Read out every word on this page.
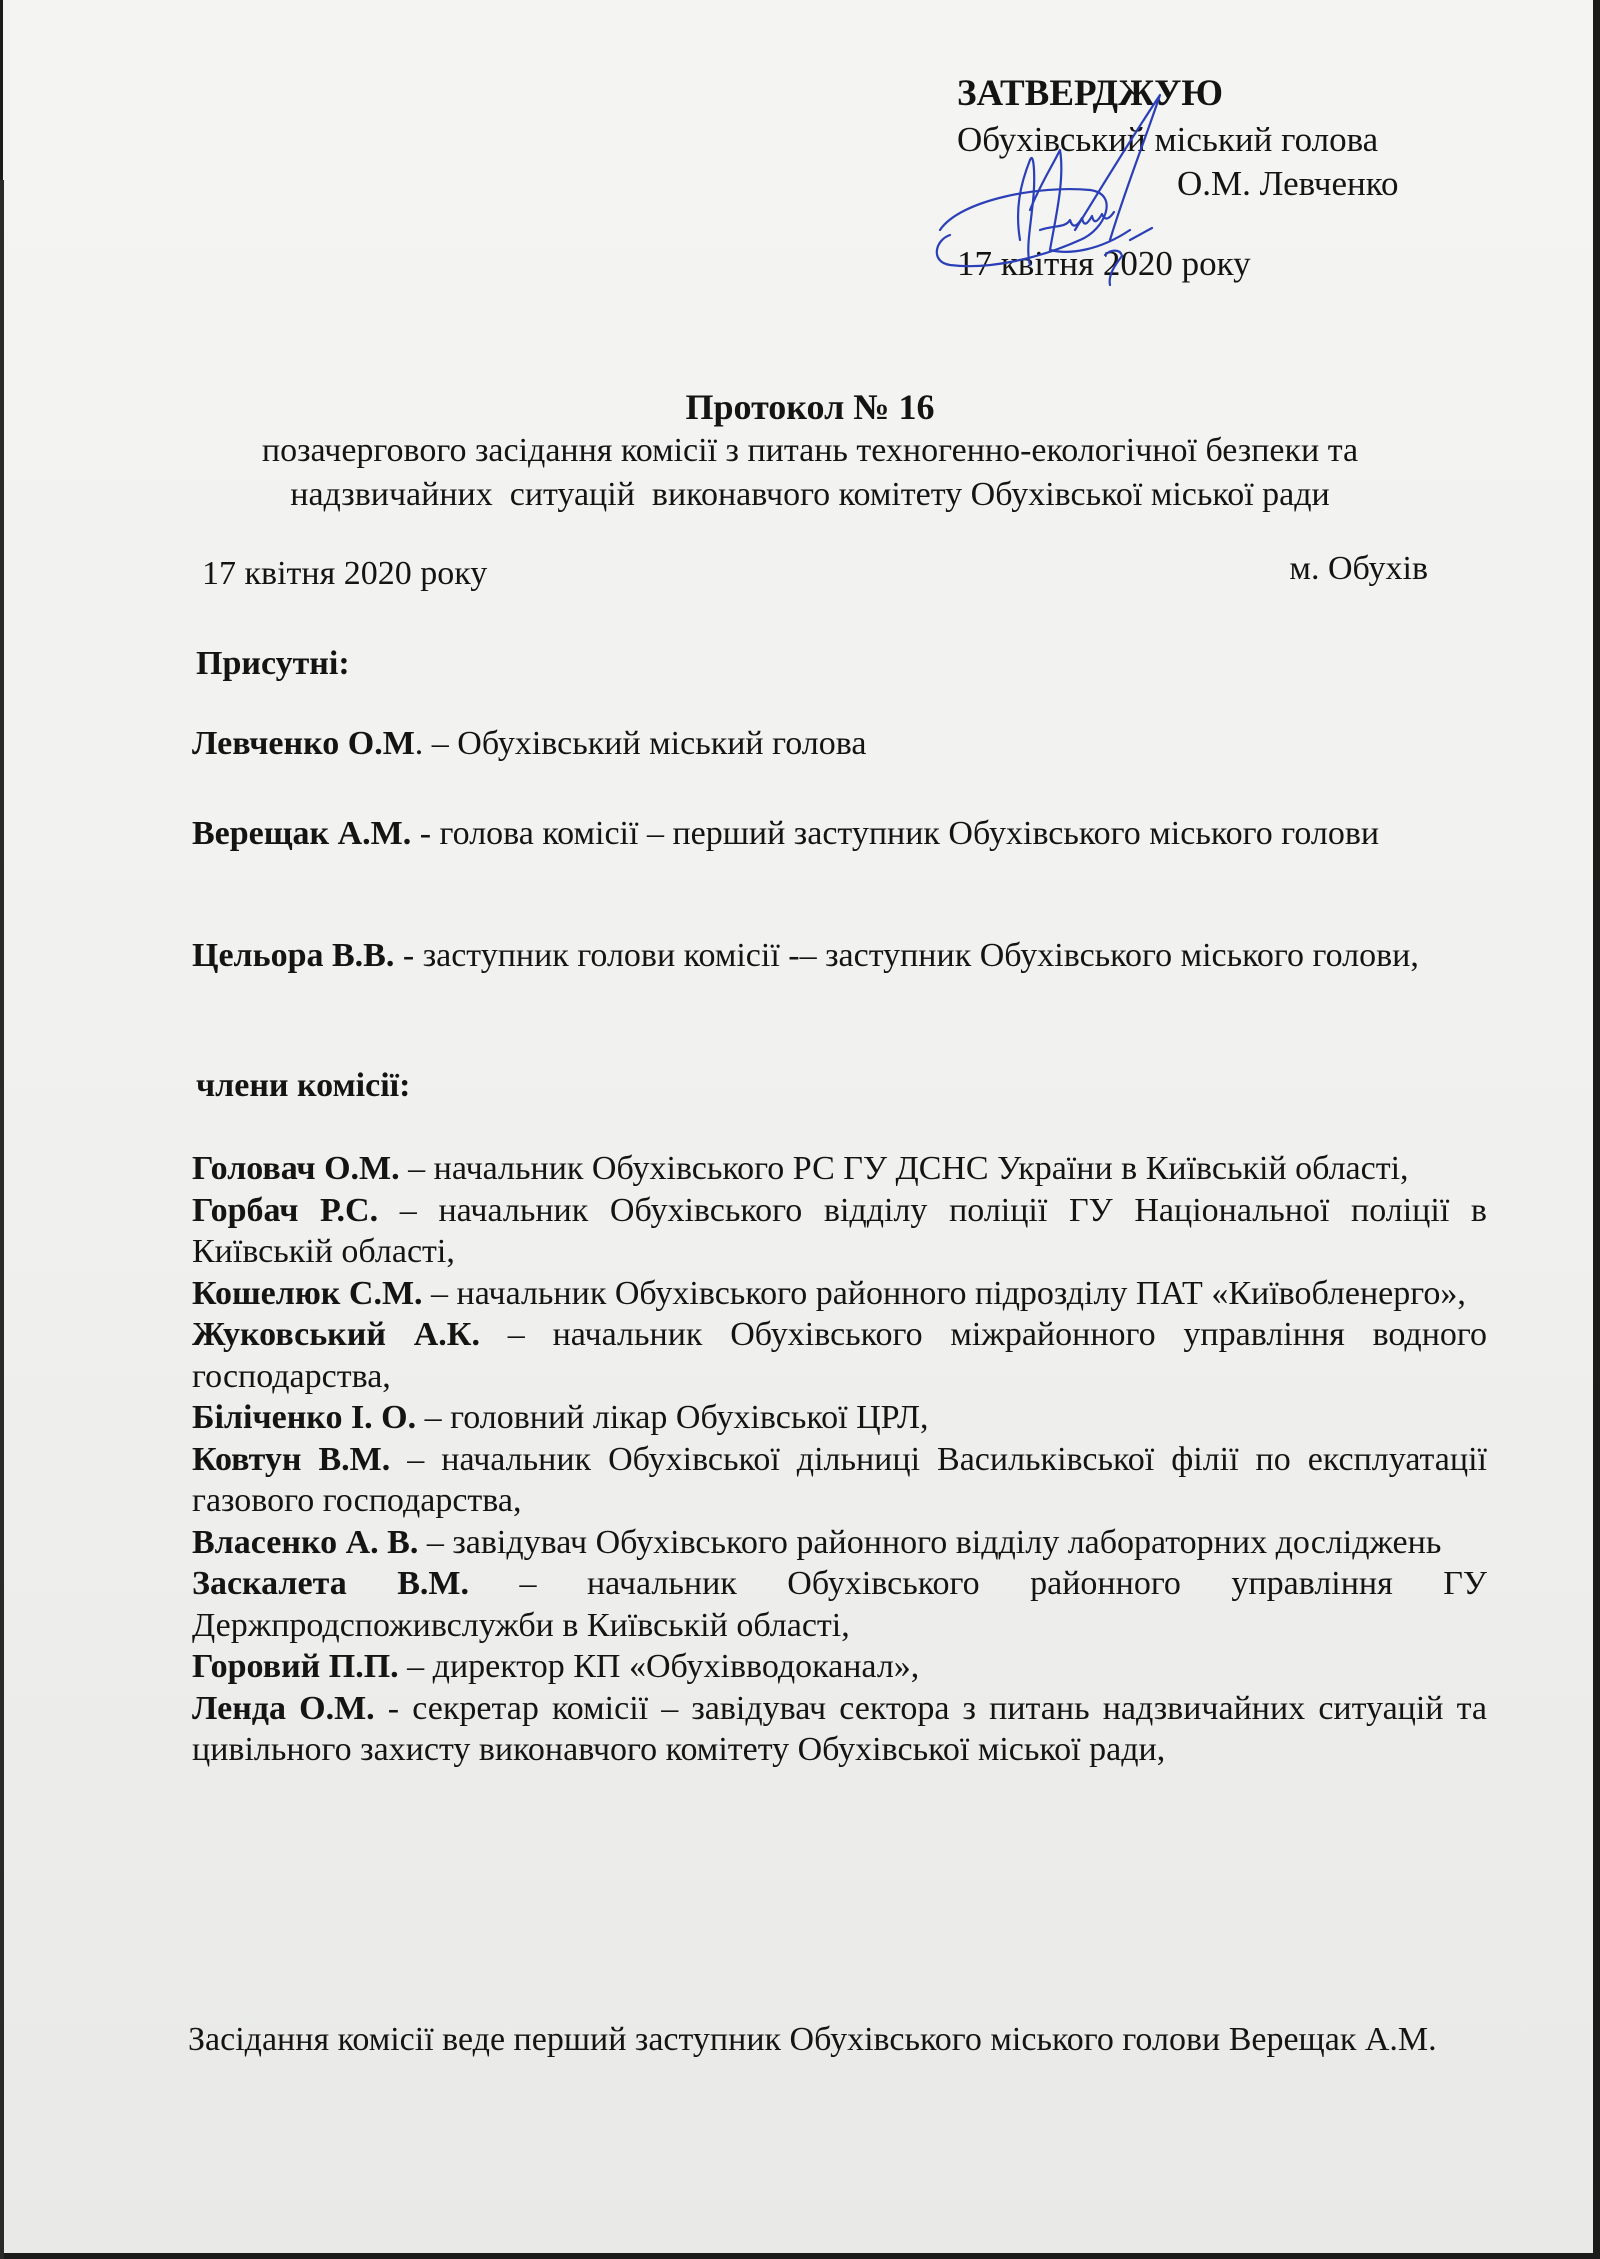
ЗАТВЕРДЖУЮ
Обухівський міський голова
О.М. Левченко
17 квітня 2020 року
Протокол № 16
позачергового засідання комісії з питань техногенно-екологічної безпеки та
надзвичайних  ситуацій  виконавчого комітету Обухівської міської ради
17 квітня 2020 року	м. Обухів
Присутні:
Левченко О.М. – Обухівський міський голова
Верещак А.М. - голова комісії – перший заступник Обухівського міського голови
Цельора В.В. - заступник голови комісії -– заступник Обухівського міського голови,
члени комісії:
Головач О.М. – начальник Обухівського РС ГУ ДСНС України в Київській області,
Горбач Р.С. – начальник Обухівського відділу поліції ГУ Національної поліції в Київській області,
Кошелюк С.М. – начальник Обухівського районного підрозділу ПАТ «Київобленерго»,
Жуковський А.К. – начальник Обухівського міжрайонного управління водного господарства,
Біліченко І. О. – головний лікар Обухівської ЦРЛ,
Ковтун В.М. – начальник Обухівської дільниці Васильківської філії по експлуатації газового господарства,
Власенко А. В. – завідувач Обухівського районного відділу лабораторних досліджень
Заскалета В.М. – начальник Обухівського районного управління ГУ Держпродспоживслужби в Київській області,
Горовий П.П. – директор КП «Обухівводоканал»,
Ленда О.М. - секретар комісії – завідувач сектора з питань надзвичайних ситуацій та цивільного захисту виконавчого комітету Обухівської міської ради,
Засідання комісії веде перший заступник Обухівського міського голови Верещак А.М.
